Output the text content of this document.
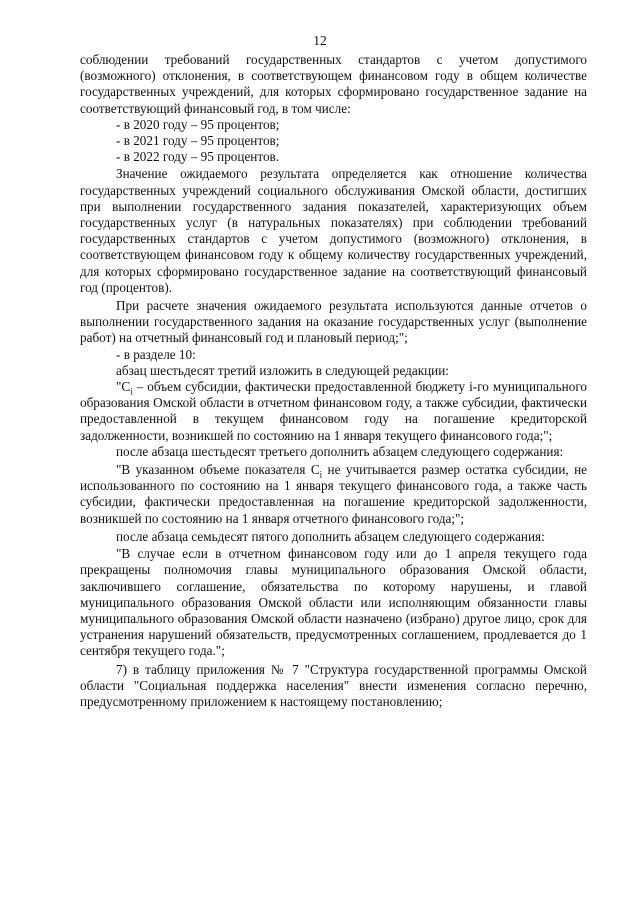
12

соблюдении требований государственных стандартов с учетом допустимого (возможного) отклонения, в соответствующем финансовом году в общем количестве государственных учреждений, для которых сформировано государственное задание на соответствующий финансовый год, в том числе:

- в 2020 году – 95 процентов;

- в 2021 году – 95 процентов;

- в 2022 году – 95 процентов.

Значение ожидаемого результата определяется как отношение количества государственных учреждений социального обслуживания Омской области, достигших при выполнении государственного задания показателей, характеризующих объем государственных услуг (в натуральных показателях) при соблюдении требований государственных стандартов с учетом допустимого (возможного) отклонения, в соответствующем финансовом году к общему количеству государственных учреждений, для которых сформировано государственное задание на соответствующий финансовый год (процентов).

При расчете значения ожидаемого результата используются данные отчетов о выполнении государственного задания на оказание государственных услуг (выполнение работ) на отчетный финансовый год и плановый период;";

- в разделе 10:

абзац шестьдесят третий изложить в следующей редакции:

"$C_i$ – объем субсидии, фактически предоставленной бюджету i-го муниципального образования Омской области в отчетном финансовом году, а также субсидии, фактически предоставленной в текущем финансовом году на погашение кредиторской задолженности, возникшей по состоянию на 1 января текущего финансового года;";

после абзаца шестьдесят третьего дополнить абзацем следующего содержания:

"В указанном объеме показателя $C_i$ не учитывается размер остатка субсидии, не использованного по состоянию на 1 января текущего финансового года, а также часть субсидии, фактически предоставленная на погашение кредиторской задолженности, возникшей по состоянию на 1 января отчетного финансового года;";

после абзаца семьдесят пятого дополнить абзацем следующего содержания:

"В случае если в отчетном финансовом году или до 1 апреля текущего года прекращены полномочия главы муниципального образования Омской области, заключившего соглашение, обязательства по которому нарушены, и главой муниципального образования Омской области или исполняющим обязанности главы муниципального образования Омской области назначено (избрано) другое лицо, срок для устранения нарушений обязательств, предусмотренных соглашением, продлевается до 1 сентября текущего года.";

7) в таблицу приложения № 7 "Структура государственной программы Омской области "Социальная поддержка населения" внести изменения согласно перечню, предусмотренному приложением к настоящему постановлению;
